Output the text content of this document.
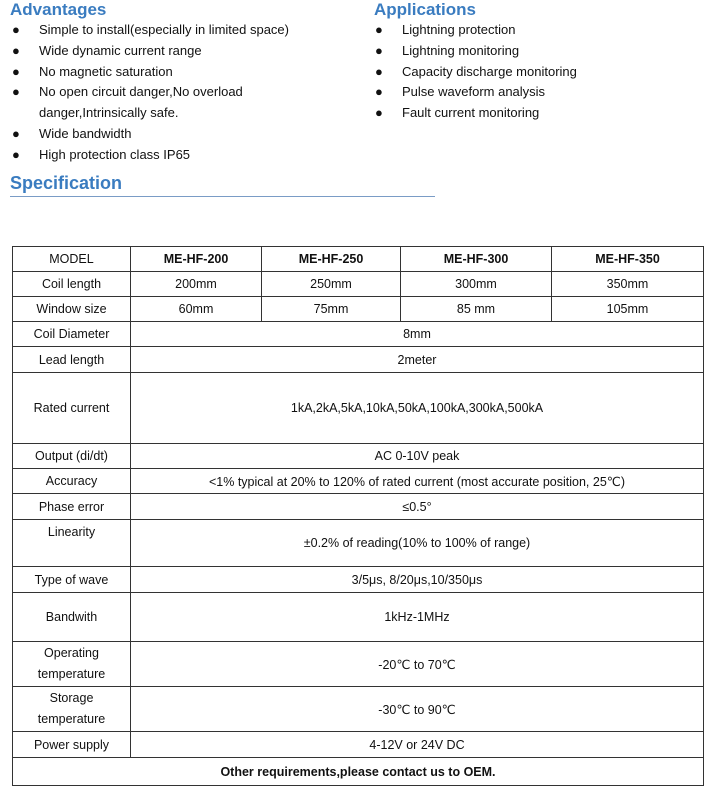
Advantages
● Simple to install(especially in limited space)
● Wide dynamic current range
● No magnetic saturation
● No open circuit danger,No overload
danger,Intrinsically safe.
● Wide bandwidth
● High protection class IP65
Applications
● Lightning protection
● Lightning monitoring
● Capacity discharge monitoring
● Pulse waveform analysis
● Fault current monitoring
Specification
MODEL	ME-HF-200	ME-HF-250	ME-HF-300	ME-HF-350
Coil length	200mm	250mm	300mm	350mm
Window size	60mm	75mm	85 mm	105mm
Coil Diameter	8mm			
Lead length	2meter			
Rated current	1kA,2kA,5kA,10kA,50kA,100kA,300kA,500kA			
Output (di/dt)	AC 0-10V peak			
Accuracy	<1% typical at 20% to 120% of rated current (most accurate position, 25℃)			
Phase error	≤0.5°			
Linearity	±0.2% of reading(10% to 100% of range)			
Type of wave	3/5μs, 8/20μs,10/350μs			
Bandwith	1kHz-1MHz			

Operating
temperature	-20℃ to 70℃			

Storage
temperature	-30℃ to 90℃			
Power supply	4-12V or 24V DC			
Other requirements,please contact us to OEM.				
